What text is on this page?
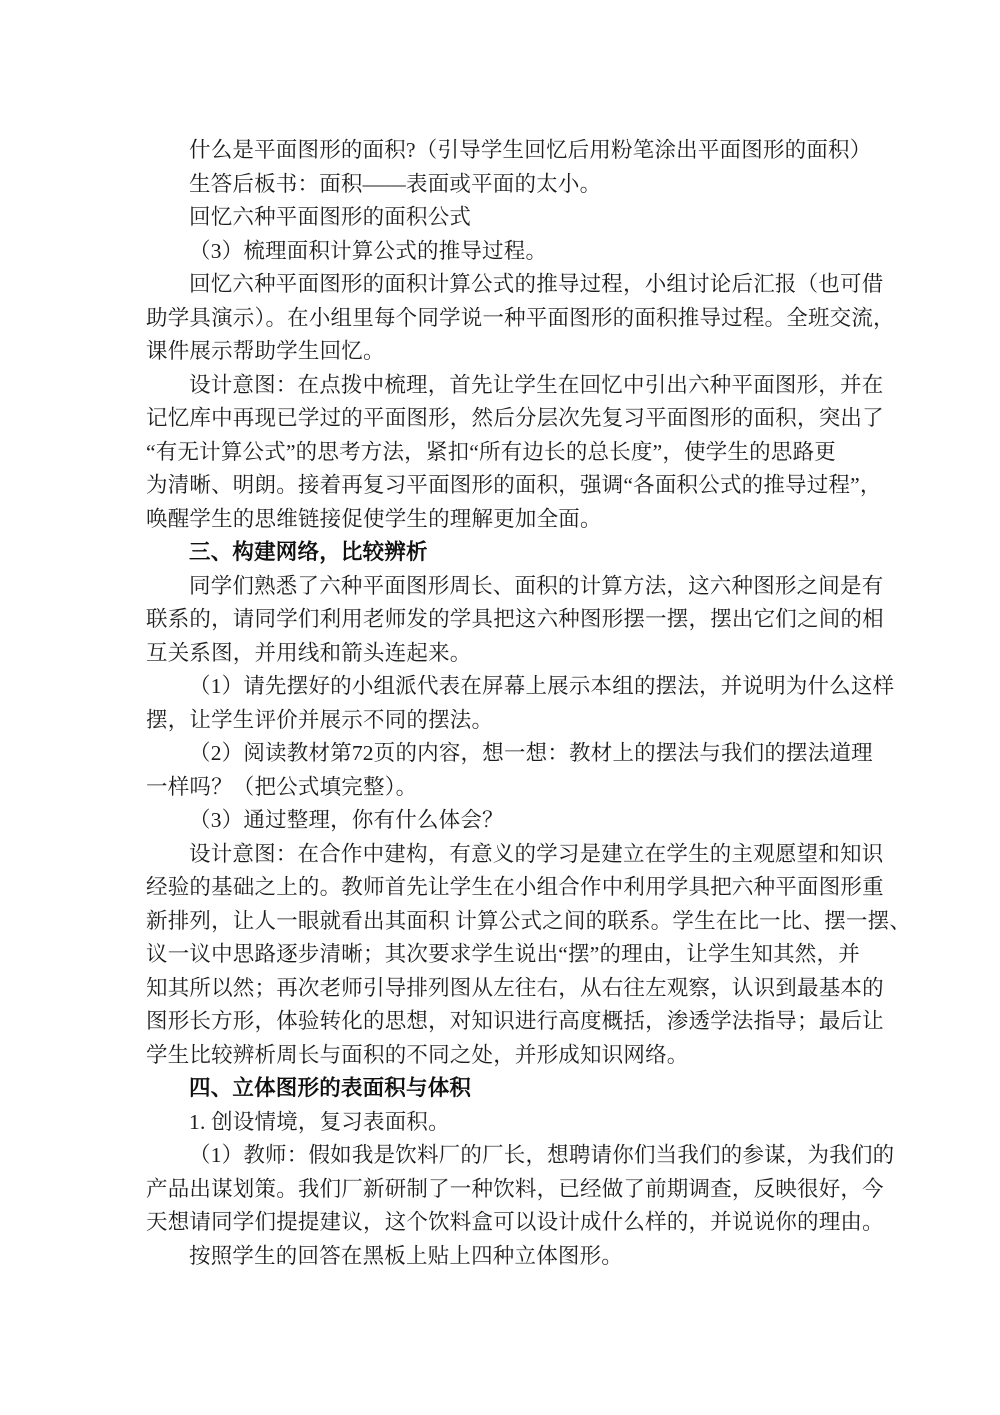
什么是平面图形的面积?（引导学生回忆后用粉笔涂出平面图形的面积）
生答后板书：面积——表面或平面的太小。
回忆六种平面图形的面积公式
（3）梳理面积计算公式的推导过程。
回忆六种平面图形的面积计算公式的推导过程，小组讨论后汇报（也可借
助学具演示）。在小组里每个同学说一种平面图形的面积推导过程。全班交流，
课件展示帮助学生回忆。
设计意图：在点拨中梳理，首先让学生在回忆中引出六种平面图形，并在
记忆库中再现已学过的平面图形，然后分层次先复习平面图形的面积，突出了
“有无计算公式”的思考方法，紧扣“所有边长的总长度”，使学生的思路更
为清晰、明朗。接着再复习平面图形的面积，强调“各面积公式的推导过程”，
唤醒学生的思维链接促使学生的理解更加全面。
三、构建网络，比较辨析
同学们熟悉了六种平面图形周长、面积的计算方法，这六种图形之间是有
联系的，请同学们利用老师发的学具把这六种图形摆一摆，摆出它们之间的相
互关系图，并用线和箭头连起来。
（1）请先摆好的小组派代表在屏幕上展示本组的摆法，并说明为什么这样
摆，让学生评价并展示不同的摆法。
（2）阅读教材第72页的内容，想一想：教材上的摆法与我们的摆法道理
一样吗？（把公式填完整）。
（3）通过整理，你有什么体会？
设计意图：在合作中建构，有意义的学习是建立在学生的主观愿望和知识
经验的基础之上的。教师首先让学生在小组合作中利用学具把六种平面图形重
新排列，让人一眼就看出其面积 计算公式之间的联系。学生在比一比、摆一摆、
议一议中思路逐步清晰；其次要求学生说出“摆”的理由，让学生知其然，并
知其所以然；再次老师引导排列图从左往右，从右往左观察，认识到最基本的
图形长方形，体验转化的思想，对知识进行高度概括，渗透学法指导；最后让
学生比较辨析周长与面积的不同之处，并形成知识网络。
四、立体图形的表面积与体积
1. 创设情境，复习表面积。
（1）教师：假如我是饮料厂的厂长，想聘请你们当我们的参谋，为我们的
产品出谋划策。我们厂新研制了一种饮料，已经做了前期调查，反映很好，今
天想请同学们提提建议，这个饮料盒可以设计成什么样的，并说说你的理由。
按照学生的回答在黑板上贴上四种立体图形。
